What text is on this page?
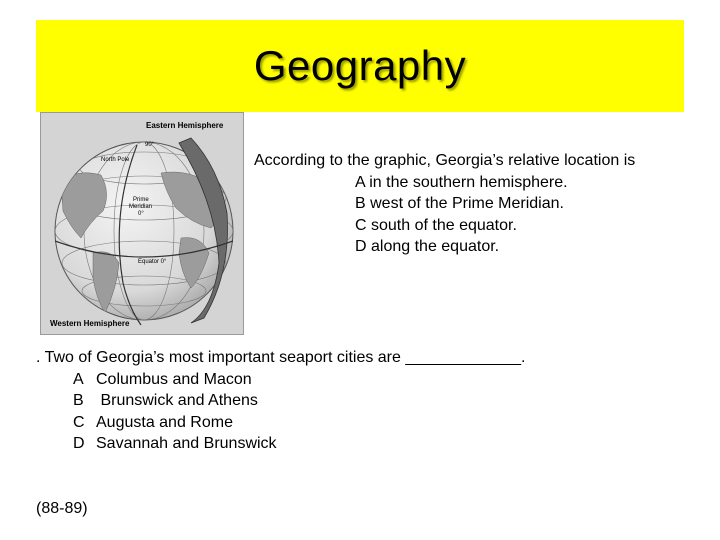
Geography
Eastern Hemisphere
90°
North Pole
Prime Meridian 0°
Equator 0°
Western Hemisphere
According to the graphic, Georgia’s relative location is
A in the southern hemisphere.
B west of the Prime Meridian.
C south of the equator.
D along the equator.
. Two of Georgia’s most important seaport cities are _____________.
A Columbus and Macon
B Brunswick and Athens
C Augusta and Rome
D Savannah and Brunswick
(88-89)
